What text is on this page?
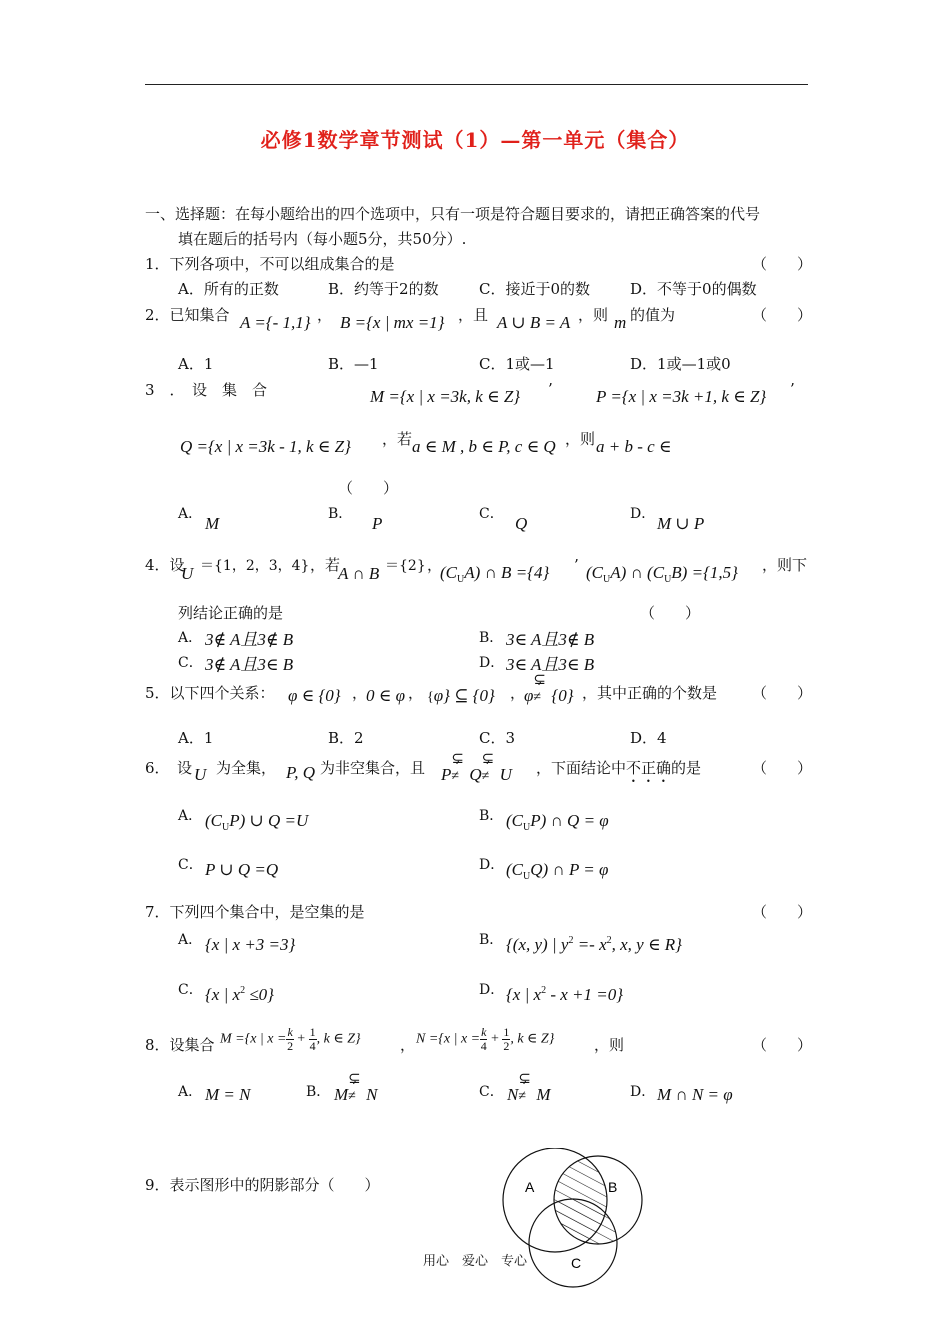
必修1数学章节测试（1）—第一单元（集合）
一、选择题：在每小题给出的四个选项中，只有一项是符合题目要求的，请把正确答案的代号
填在题后的括号内（每小题5分，共50分）.
1．下列各项中，不可以组成集合的是	（　　）
A．所有的正数	B．约等于2的数	C．接近于0的数	D．不等于0的偶数
2．已知集合 A ={- 1,1} ， B ={x | mx =1} ，且 A ∪ B = A ，则 m 的值为	（　　）
A．1	B．—1	C．1或—1	D．1或—1或0
3　．　设　集　合	M ={x | x =3k, k ∈ Z} ’	P ={x | x =3k +1, k ∈ Z} ’
Q ={x | x =3k - 1, k ∈ Z} ，若 a ∈ M , b ∈ P, c ∈ Q ，则 a + b - c ∈
（　　）
A． M	B． P	C． Q	D． M ∪ P
4．设
U ＝{1，2，3，4} ，若
A ∩ B ＝{2} ，
$(C_UA)$ ∩ B ={4} ’ $(C_UA)$ ∩ $(C_UB) =\{1,5\}$ ，则下
列结论正确的是	（　　）
A． 3∉ A且3∉ B	B． 3∈ A且3∉ B
C． 3∉ A且3∈ B	D． 3∈ A且3∈ B
5．以下四个关系： φ ∈ {0} ，
0 ∈ φ ， {φ} ⊆ {0} ，
φ
⊊
≠ {0} ，其中正确的个数是 （　　）
A．1	B．2	C．3	D．4
6．　设 U 为全集， P, Q 为非空集合，且 P
⊊
≠ Q
⊊
≠ U ，下面结论中不正确的是	（　　）
A． $(C_UP)$ ∪ Q =U	B． $(C_UP)$ ∩ Q = φ
C． P ∪ Q =Q	D． $(C_UQ)$ ∩ P = φ
7．下列四个集合中，是空集的是	（　　）
A． {x | x +3 =3}	B． {(x, y) | $y^2 =- x^2$, x, y ∈ R}
C． {x | $x^2 \le 0$}	D． {x | $x^2 - x +1 =0$}
8．设集合 M ={x | $x = \frac{k}{2} + \frac{1}{4}$ , k ∈ Z}	， N ={x | $x = \frac{k}{4} + \frac{1}{2}$ , k ∈ Z}	，则	（　　）
A． M = N	B． M
⊊
≠ N	C． N
⊊
≠ M	D． M ∩ N = φ
9．表示图形中的阴影部分（　　）	A	B
C
用心　爱心　专心
